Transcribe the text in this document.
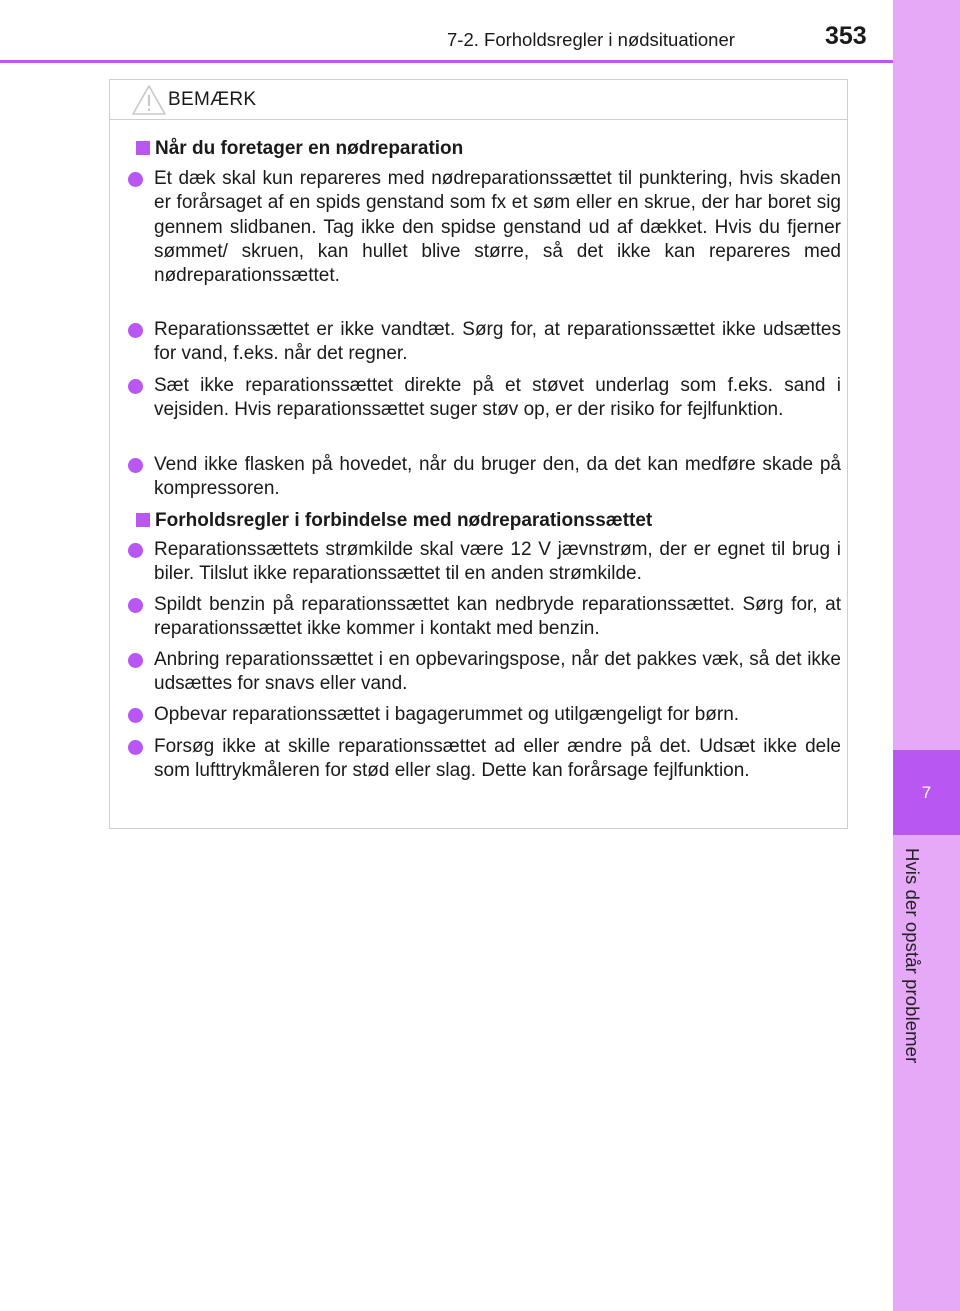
7
Hvis der opstår problemer
7-2. Forholdsregler i nødsituationer	353
BEMÆRK
Når du foretager en nødreparation

Et dæk skal kun repareres med nødreparationssættet til punktering, hvis skaden er forårsaget af en spids genstand som fx et søm eller en skrue, der har boret sig gennem slidbanen. Tag ikke den spidse genstand ud af dækket. Hvis du fjerner sømmet/ skruen, kan hullet blive større, så det ikke kan repareres med nødreparationssættet.

Reparationssættet er ikke vandtæt. Sørg for, at reparationssættet ikke udsættes for vand, f.eks. når det regner.

Sæt ikke reparationssættet direkte på et støvet underlag som f.eks. sand i vejsiden. Hvis reparationssættet suger støv op, er der risiko for fejlfunktion.

Vend ikke flasken på hovedet, når du bruger den, da det kan medføre skade på kompressoren.

Forholdsregler i forbindelse med nødreparationssættet

Reparationssættets strømkilde skal være 12 V jævnstrøm, der er egnet til brug i biler. Tilslut ikke reparationssættet til en anden strømkilde.

Spildt benzin på reparationssættet kan nedbryde reparationssættet. Sørg for, at reparationssættet ikke kommer i kontakt med benzin.

Anbring reparationssættet i en opbevaringspose, når det pakkes væk, så det ikke udsættes for snavs eller vand.

Opbevar reparationssættet i bagagerummet og utilgængeligt for børn.

Forsøg ikke at skille reparationssættet ad eller ændre på det. Udsæt ikke dele som lufttrykmåleren for stød eller slag. Dette kan forårsage fejlfunktion.
